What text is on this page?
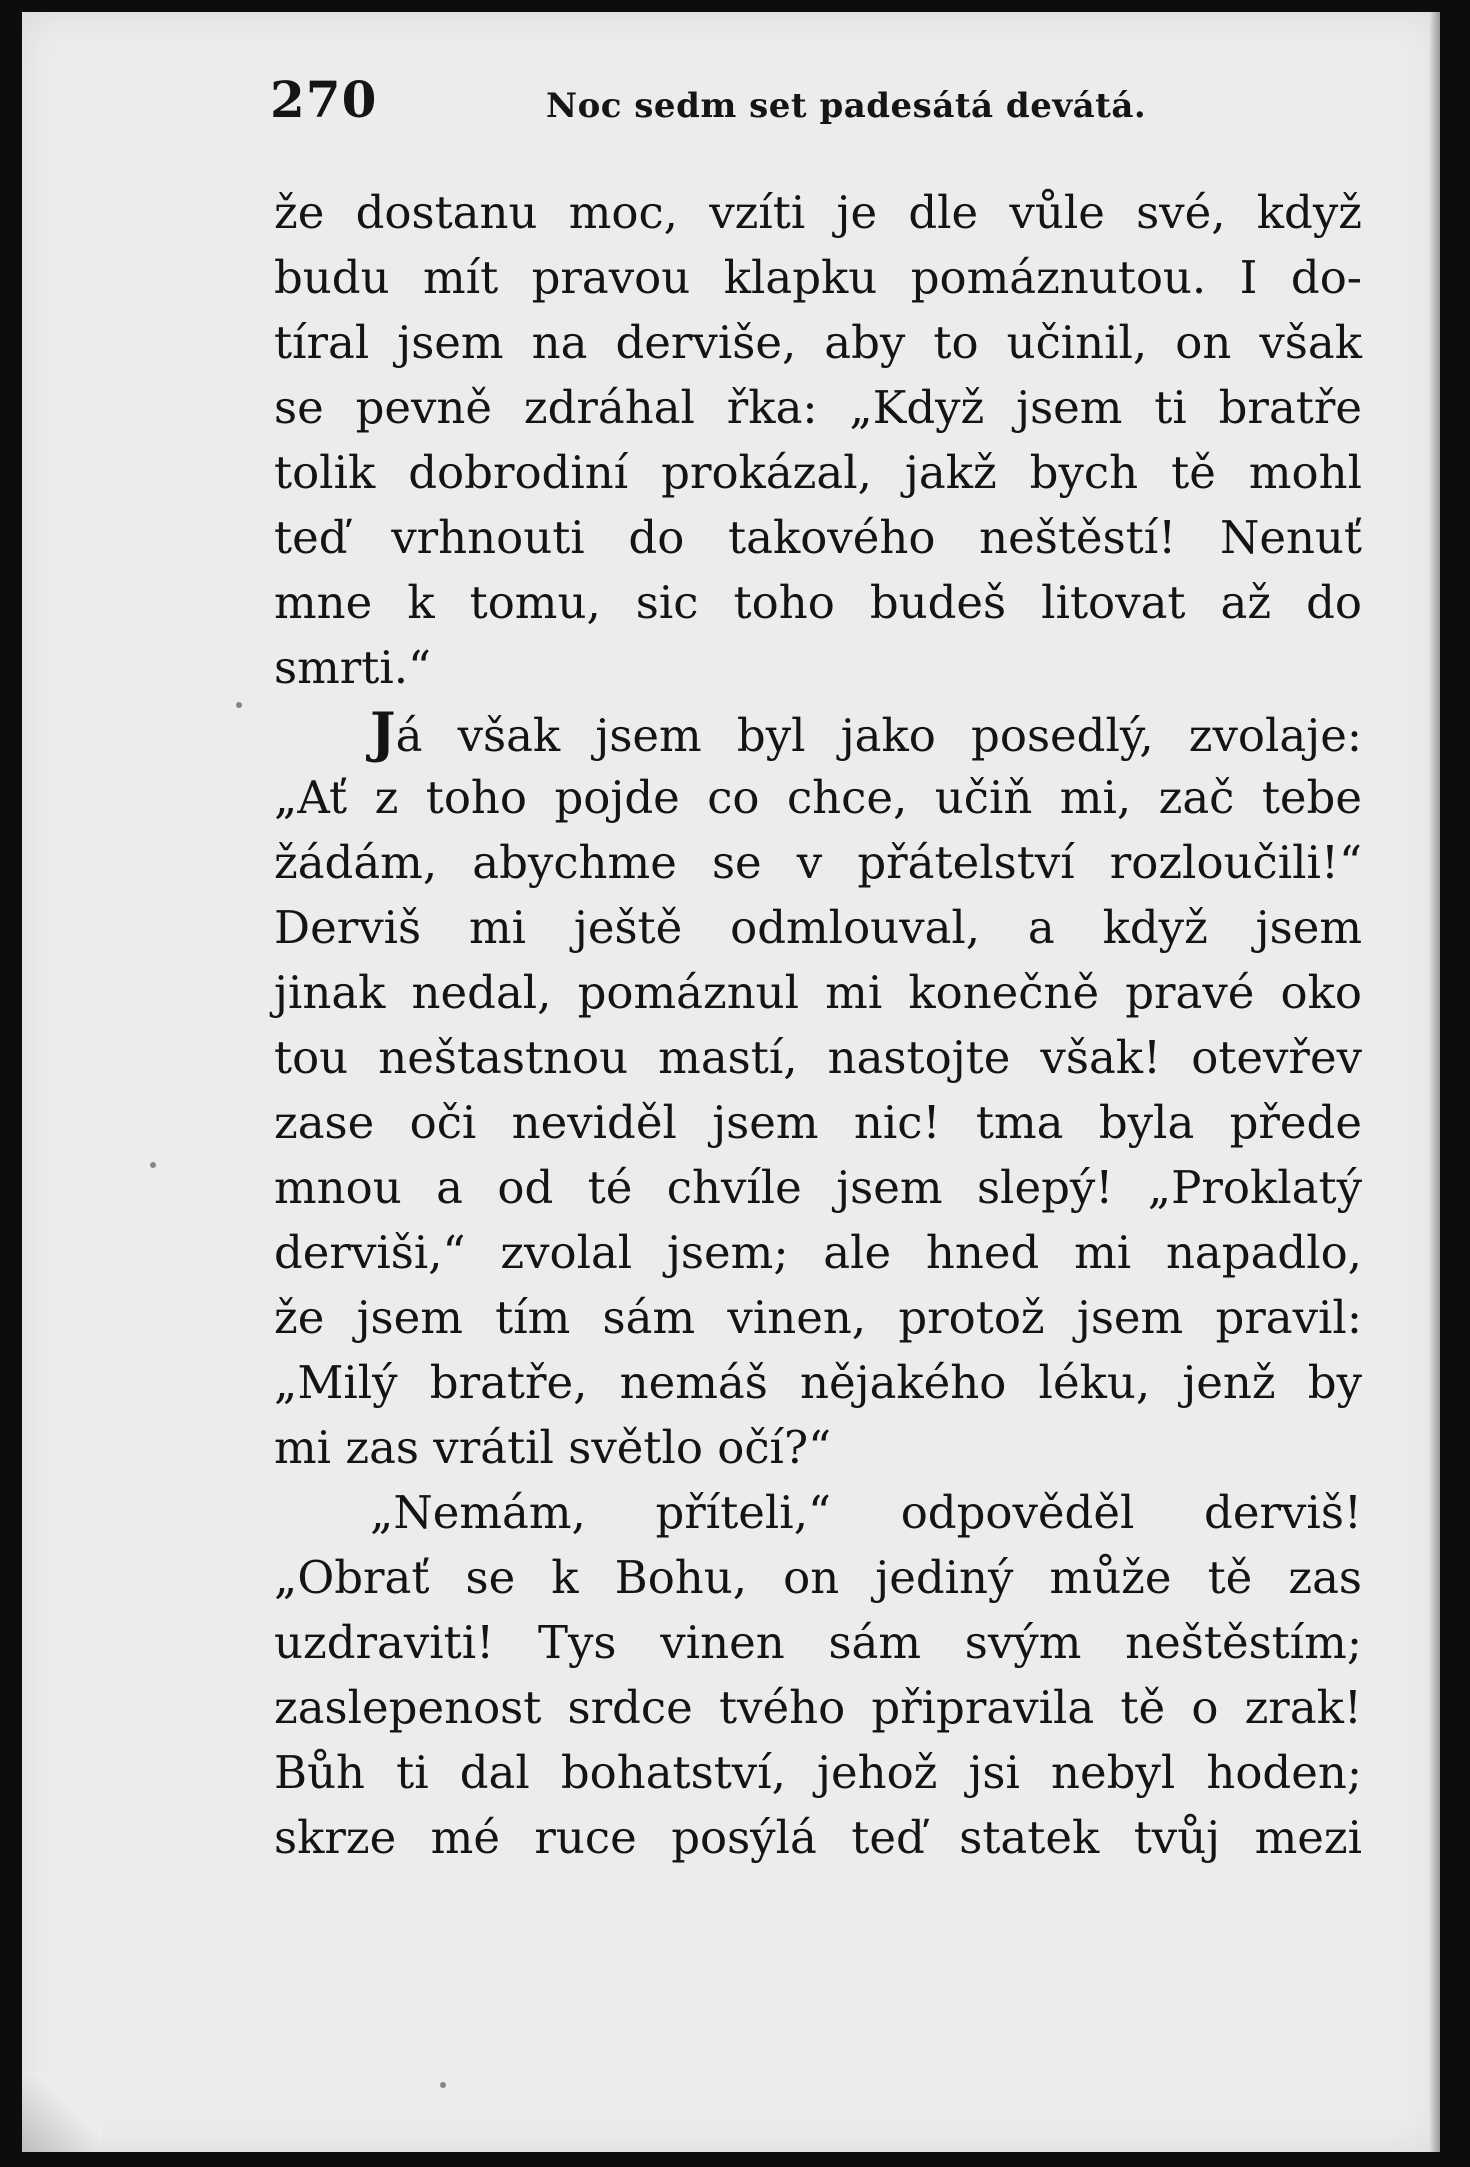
270	Noc sedm set padesátá devátá.
že dostanu moc, vzíti je dle vůle své, když
budu mít pravou klapku pomáznutou. I do-
tíral jsem na derviše, aby to učinil, on však
se pevně zdráhal řka: „Když jsem ti bratře
tolik dobrodiní prokázal, jakž bych tě mohl
teď vrhnouti do takového neštěstí! Nenuť
mne k tomu, sic toho budeš litovat až do
smrti.“
Já však jsem byl jako posedlý, zvolaje:
„Ať z toho pojde co chce, učiň mi, zač tebe
žádám, abychme se v přátelství rozloučili!“
Derviš mi ještě odmlouval, a když jsem
jinak nedal, pomáznul mi konečně pravé oko
tou neštastnou mastí, nastojte však! otevřev
zase oči neviděl jsem nic! tma byla přede
mnou a od té chvíle jsem slepý! „Proklatý
derviši,“ zvolal jsem; ale hned mi napadlo,
že jsem tím sám vinen, protož jsem pravil:
„Milý bratře, nemáš nějakého léku, jenž by
mi zas vrátil světlo očí?“
„Nemám, příteli,“ odpověděl derviš!
„Obrať se k Bohu, on jediný může tě zas
uzdraviti! Tys vinen sám svým neštěstím;
zaslepenost srdce tvého připravila tě o zrak!
Bůh ti dal bohatství, jehož jsi nebyl hoden;
skrze mé ruce posýlá teď statek tvůj mezi
